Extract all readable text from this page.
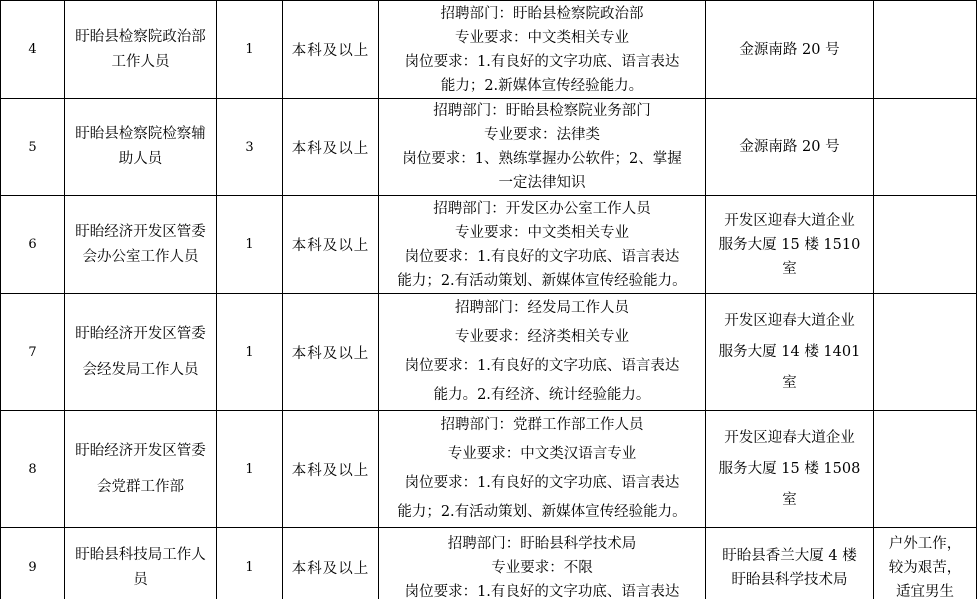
4	盱眙县检察院政治部
工作人员	1	本科及以上	招聘部门：盱眙县检察院政治部
专业要求：中文类相关专业
岗位要求：1.有良好的文字功底、语言表达
能力；2.新媒体宣传经验能力。	金源南路 20 号	

5	盱眙县检察院检察辅
助人员	3	本科及以上	招聘部门：盱眙县检察院业务部门
专业要求：法律类
岗位要求：1、熟练掌握办公软件；2、掌握
一定法律知识	金源南路 20 号	

6	盱眙经济开发区管委
会办公室工作人员	1	本科及以上	招聘部门：开发区办公室工作人员
专业要求：中文类相关专业
岗位要求：1.有良好的文字功底、语言表达
能力；2.有活动策划、新媒体宣传经验能力。	开发区迎春大道企业
服务大厦 15 楼 1510
室	

7	盱眙经济开发区管委
会经发局工作人员	1	本科及以上	招聘部门：经发局工作人员
专业要求：经济类相关专业
岗位要求：1.有良好的文字功底、语言表达
能力。2.有经济、统计经验能力。	开发区迎春大道企业
服务大厦 14 楼 1401
室	

8	盱眙经济开发区管委
会党群工作部	1	本科及以上	招聘部门：党群工作部工作人员
专业要求：中文类汉语言专业
岗位要求：1.有良好的文字功底、语言表达
能力；2.有活动策划、新媒体宣传经验能力。	开发区迎春大道企业
服务大厦 15 楼 1508
室	

9	盱眙县科技局工作人
员	1	本科及以上	招聘部门：盱眙县科学技术局
专业要求：不限
岗位要求：1.有良好的文字功底、语言表达	盱眙县香兰大厦 4 楼
盱眙县科学技术局	户外工作，
较为艰苦，
适宜男生
